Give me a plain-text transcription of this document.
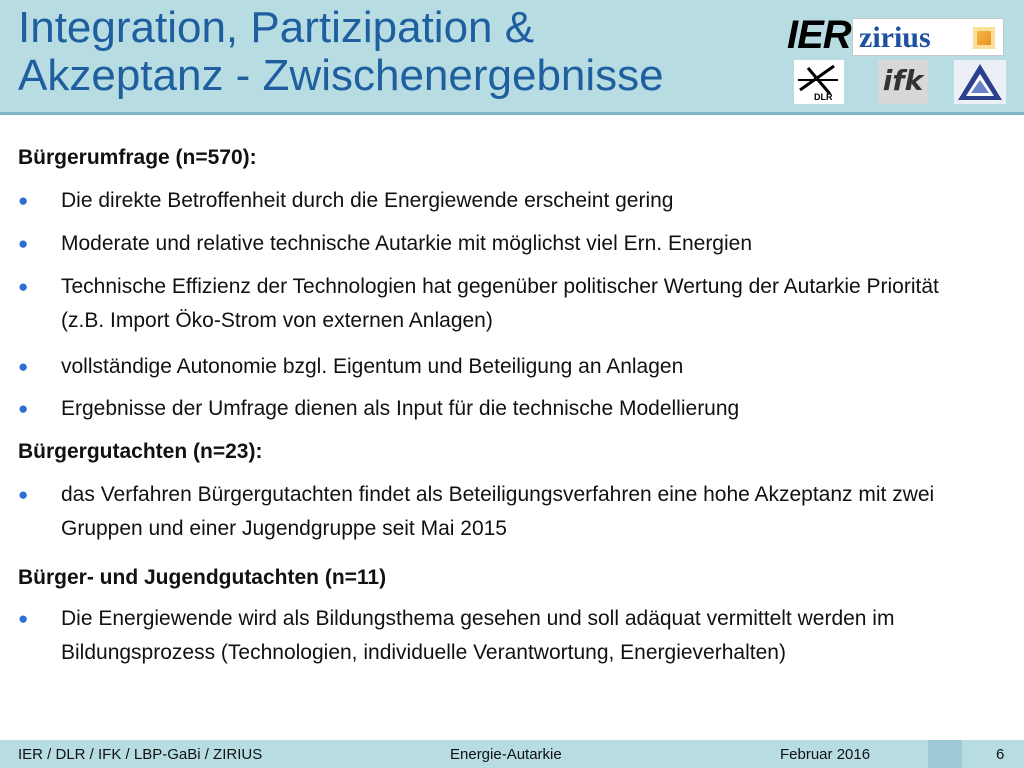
Integration, Partizipation &
Akzeptanz - Zwischenergebnisse
IER zirius
DLR ifk
Bürgerumfrage (n=570):
●	Die direkte Betroffenheit durch die Energiewende erscheint gering
●	Moderate und relative technische Autarkie mit möglichst viel Ern. Energien
●	Technische Effizienz der Technologien hat gegenüber politischer Wertung der Autarkie Priorität (z.B. Import Öko-Strom von externen Anlagen)
●	vollständige Autonomie bzgl. Eigentum und Beteiligung an Anlagen
●	Ergebnisse der Umfrage dienen als Input für die technische Modellierung
Bürgergutachten (n=23):
●	das Verfahren Bürgergutachten findet als Beteiligungsverfahren eine hohe Akzeptanz mit zwei Gruppen und einer Jugendgruppe seit Mai 2015
Bürger- und Jugendgutachten (n=11)
●	Die Energiewende wird als Bildungsthema gesehen und soll adäquat vermittelt werden im Bildungsprozess (Technologien, individuelle Verantwortung, Energieverhalten)
IER / DLR / IFK / LBP-GaBi / ZIRIUS	Energie-Autarkie	Februar 2016	6
